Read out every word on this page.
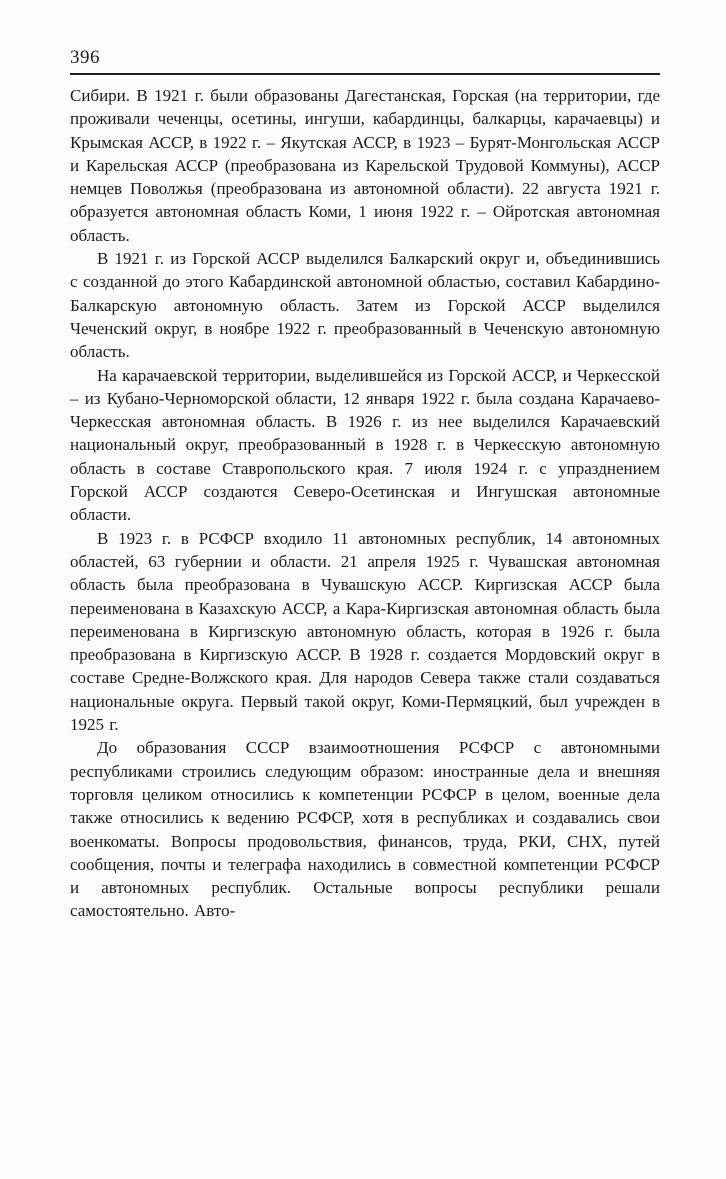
396

Сибири. В 1921 г. были образованы Дагестанская, Горская (на территории, где проживали чеченцы, осетины, ингуши, кабардинцы, балкарцы, карачаевцы) и Крымская АССР, в 1922 г. – Якутская АССР, в 1923 – Бурят-Монгольская АССР и Карельская АССР (преобразована из Карельской Трудовой Коммуны), АССР немцев Поволжья (преобразована из автономной области). 22 августа 1921 г. образуется автономная область Коми, 1 июня 1922 г. – Ойротская автономная область.

В 1921 г. из Горской АССР выделился Балкарский округ и, объединившись с созданной до этого Кабардинской автономной областью, составил Кабардино-Балкарскую автономную область. Затем из Горской АССР выделился Чеченский округ, в ноябре 1922 г. преобразованный в Чеченскую автономную область.

На карачаевской территории, выделившейся из Горской АССР, и Черкесской – из Кубано-Черноморской области, 12 января 1922 г. была создана Карачаево-Черкесская автономная область. В 1926 г. из нее выделился Карачаевский национальный округ, преобразованный в 1928 г. в Черкесскую автономную область в составе Ставропольского края. 7 июля 1924 г. с упразднением Горской АССР создаются Северо-Осетинская и Ингушская автономные области.

В 1923 г. в РСФСР входило 11 автономных республик, 14 автономных областей, 63 губернии и области. 21 апреля 1925 г. Чувашская автономная область была преобразована в Чувашскую АССР. Киргизская АССР была переименована в Казахскую АССР, а Кара-Киргизская автономная область была переименована в Киргизскую автономную область, которая в 1926 г. была преобразована в Киргизскую АССР. В 1928 г. создается Мордовский округ в составе Средне-Волжского края. Для народов Севера также стали создаваться национальные округа. Первый такой округ, Коми-Пермяцкий, был учрежден в 1925 г.

До образования СССР взаимоотношения РСФСР с автономными республиками строились следующим образом: иностранные дела и внешняя торговля целиком относились к компетенции РСФСР в целом, военные дела также относились к ведению РСФСР, хотя в республиках и создавались свои военкоматы. Вопросы продовольствия, финансов, труда, РКИ, СНХ, путей сообщения, почты и телеграфа находились в совместной компетенции РСФСР и автономных республик. Остальные вопросы республики решали самостоятельно. Авто-
